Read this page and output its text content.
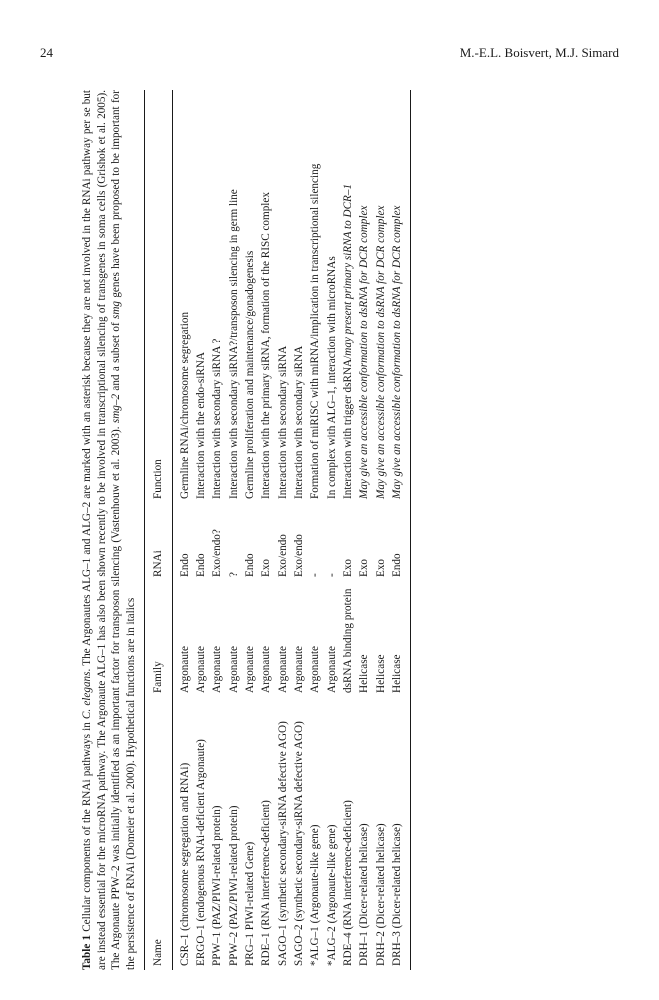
24	M.-E.L. Boisvert, M.J. Simard

Table 1 Cellular components of the RNAi pathways in C. elegans. The Argonautes ALG–1 and ALG–2 are marked with an asterisk because they are not involved in the RNAi pathway per se but are instead essential for the microRNA pathway. The Argonaute ALG–1 has also been shown recently to be involved in transcriptional silencing of transgenes in soma cells (Grishok et al. 2005). The Argonaute PPW–2 was initially identified as an important factor for transposon silencing (Vastenhouw et al. 2003). smg–2 and a subset of smg genes have been proposed to be important for the persistence of RNAi (Domeier et al. 2000). Hypothetical functions are in italics Name	Family	RNAi	Function

CSR–1 (chromosome segregation and RNAi)	Argonaute	Endo	Germline RNAi/chromosome segregation

ERGO–1 (endogenous RNAi-deficient Argonaute)	Argonaute	Endo	Interaction with the endo-siRNA

PPW–1 (PAZ/PIWI-related protein)	Argonaute	Exo/endo?	Interaction with secondary siRNA ?

PPW–2 (PAZ/PIWI-related protein)	Argonaute	?	Interaction with secondary siRNA?/transposon silencing in germ line

PRG–1 PIWI-related Gene)	Argonaute	Endo	Germline proliferation and maintenance/gonadogenesis

RDE–1 (RNA interference-deficient)	Argonaute	Exo	Interaction with the primary siRNA, formation of the RISC complex

SAGO–1 (synthetic secondary-siRNA defective AGO)	Argonaute	Exo/endo	Interaction with secondary siRNA

SAGO–2 (synthetic secondary-siRNA defective AGO)	Argonaute	Exo/endo	Interaction with secondary siRNA

*ALG–1 (Argonaute-like gene)	Argonaute	-	Formation of miRISC with miRNA/implication in transcriptional silencing

*ALG–2 (Argonaute-like gene)	Argonaute	-	In complex with ALG–1, interaction with microRNAs

RDE–4 (RNA interference-deficient)	dsRNA binding protein	Exo	Interaction with trigger dsRNA/may present primary siRNA to DCR–1

DRH–1 (Dicer-related helicase)	Helicase	Exo	May give an accessible conformation to dsRNA for DCR complex

DRH–2 (Dicer-related helicase)	Helicase	Exo	May give an accessible conformation to dsRNA for DCR complex

DRH–3 (Dicer-related helicase)	Helicase	Endo	May give an accessible conformation to dsRNA for DCR complex
